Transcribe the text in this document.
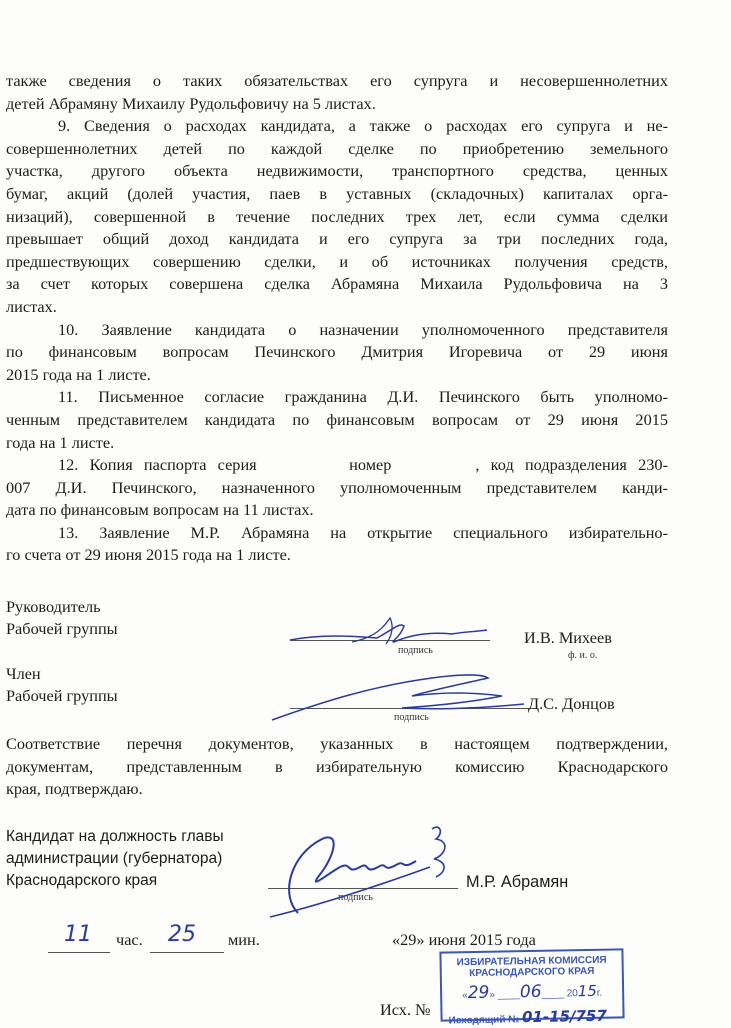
также сведения о таких обязательствах его супруга и несовершеннолетних
детей Абрамяну Михаилу Рудольфовичу на 5 листах.

9. Сведения о расходах кандидата, а также о расходах его супруга и не-
совершеннолетних детей по каждой сделке по приобретению земельного
участка, другого объекта недвижимости, транспортного средства, ценных
бумаг, акций (долей участия, паев в уставных (складочных) капиталах орга-
низаций), совершенной в течение последних трех лет, если сумма сделки
превышает общий доход кандидата и его супруга за три последних года,
предшествующих совершению сделки, и об источниках получения средств,
за счет которых совершена сделка Абрамяна Михаила Рудольфовича на 3
листах.

10. Заявление кандидата о назначении уполномоченного представителя
по финансовым вопросам Печинского Дмитрия Игоревича от 29 июня
2015 года на 1 листе.

11. Письменное согласие гражданина Д.И. Печинского быть уполномо-
ченным представителем кандидата по финансовым вопросам от 29 июня 2015
года на 1 листе.

12. Копия паспорта серия	номер	, код подразделения 230-
007 Д.И. Печинского, назначенного уполномоченным представителем канди-
дата по финансовым вопросам на 11 листах.

13. Заявление М.Р. Абрамяна на открытие специального избирательно-
го счета от 29 июня 2015 года на 1 листе.

Руководитель
Рабочей группы
подпись
И.В. Михеев
ф. и. о.
Член
Рабочей группы
подпись
Д.С. Донцов
Соответствие перечня документов, указанных в настоящем подтверждении,
документам, представленным в избирательную комиссию Краснодарского
края, подтверждаю.
Кандидат на должность главы
администрации (губернатора)
Краснодарского края
подпись
М.Р. Абрамян
11 час. 25 мин.	«29» июня 2015 года
Исх. №
ИЗБИРАТЕЛЬНАЯ КОМИССИЯ
КРАСНОДАРСКОГО КРАЯ
«29» ____06____ 2015г.
Исходящий № 01-15/757
